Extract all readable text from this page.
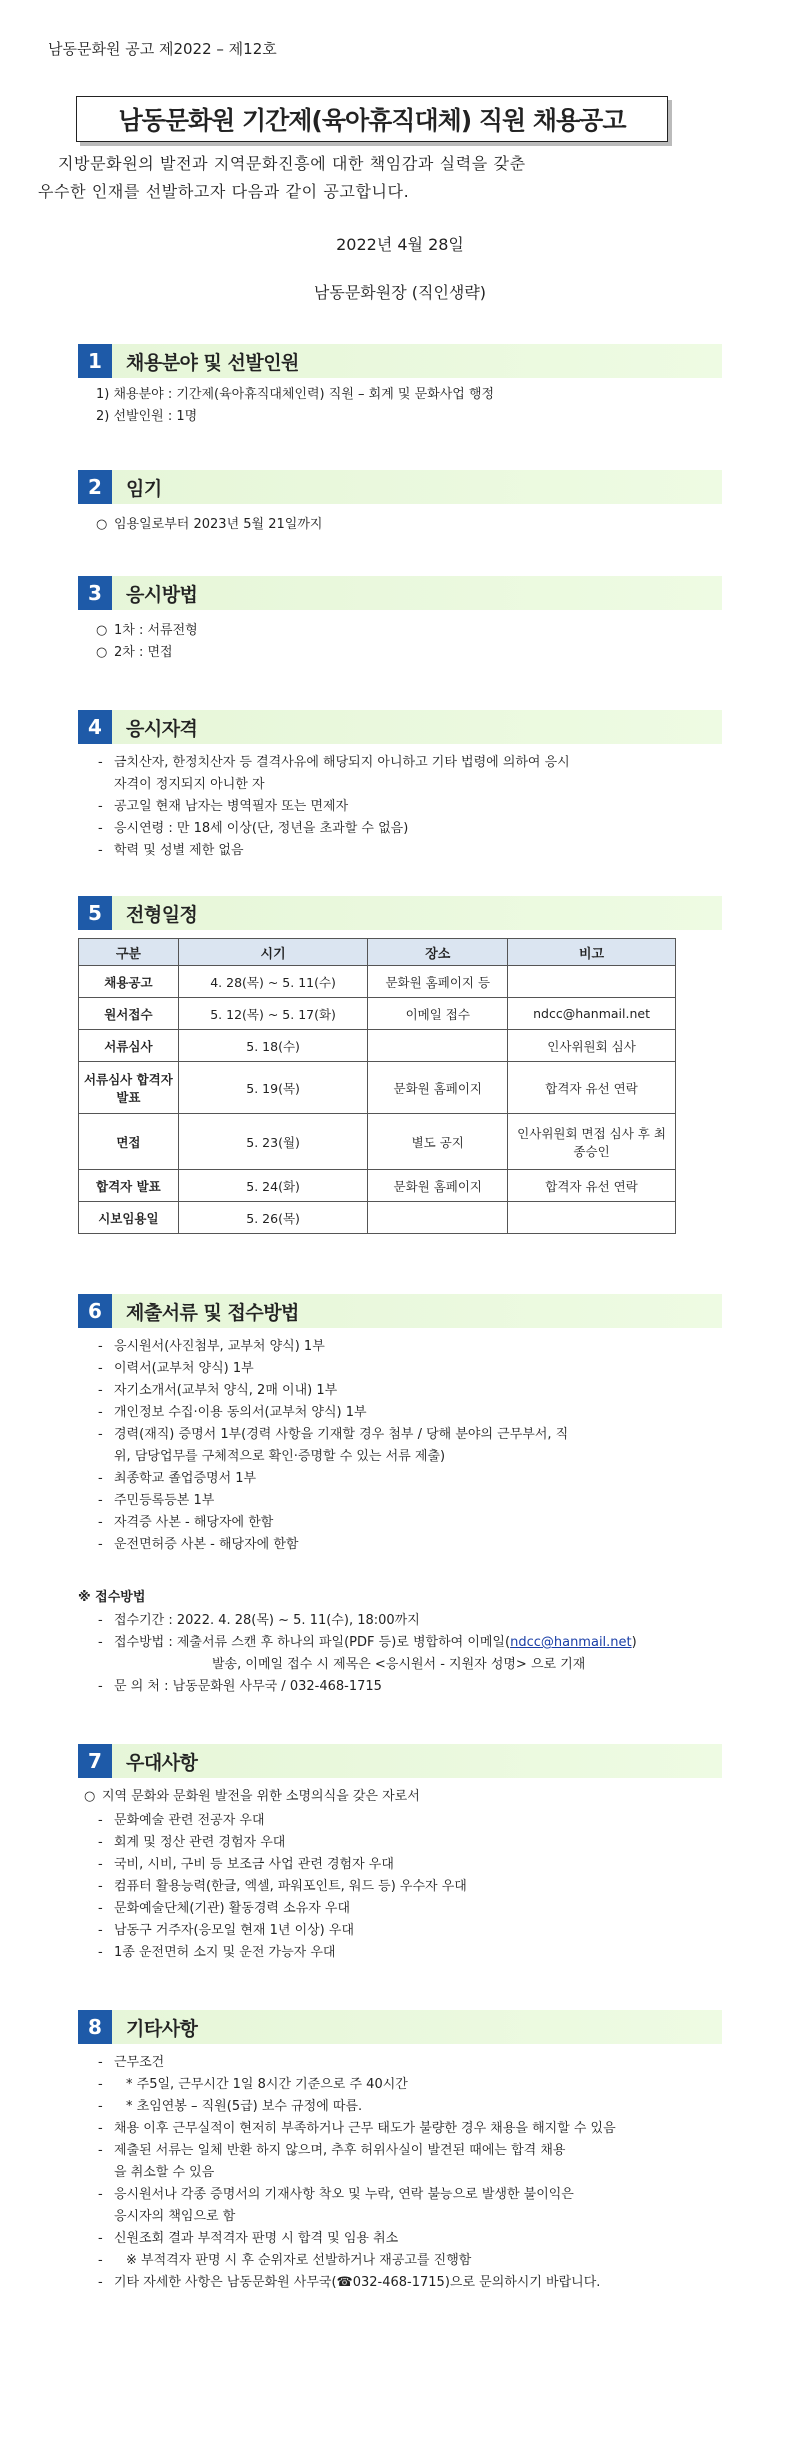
남동문화원 공고 제2022 – 제12호
남동문화원 기간제(육아휴직대체) 직원 채용공고

지방문화원의 발전과 지역문화진흥에 대한 책임감과 실력을 갖춘

우수한 인재를 선발하고자 다음과 같이 공고합니다.
2022년 4월 28일
남동문화원장 (직인생략)
1	채용분야 및 선발인원
1) 채용분야 : 기간제(육아휴직대체인력) 직원 – 회계 및 문화사업 행정
2) 선발인원 : 1명
2	임기
○ 임용일로부터 2023년 5월 21일까지
3	응시방법
○ 1차 : 서류전형
○ 2차 : 면접
4	응시자격
- 금치산자, 한정치산자 등 결격사유에 해당되지 아니하고 기타 법령에 의하여 응시
자격이 정지되지 아니한 자
- 공고일 현재 남자는 병역필자 또는 면제자
- 응시연령 : 만 18세 이상(단, 정년을 초과할 수 없음)
- 학력 및 성별 제한 없음
5	전형일정
구분	시기	장소	비고
채용공고	4. 28(목) ~ 5. 11(수)	문화원 홈페이지 등	
원서접수	5. 12(목) ~ 5. 17(화)	이메일 접수	ndcc@hanmail.net
서류심사	5. 18(수)		인사위원회 심사
서류심사 합격자 발표	5. 19(목)	문화원 홈페이지	합격자 유선 연락
면접	5. 23(월)	별도 공지	인사위원회 면접 심사 후 최종승인
합격자 발표	5. 24(화)	문화원 홈페이지	합격자 유선 연락
시보임용일	5. 26(목)		
6	제출서류 및 접수방법
- 응시원서(사진첨부, 교부처 양식) 1부
- 이력서(교부처 양식) 1부
- 자기소개서(교부처 양식, 2매 이내) 1부
- 개인정보 수집·이용 동의서(교부처 양식) 1부
- 경력(재직) 증명서 1부(경력 사항을 기재할 경우 첨부 / 당해 분야의 근무부서, 직
위, 담당업무를 구체적으로 확인·증명할 수 있는 서류 제출)
- 최종학교 졸업증명서 1부
- 주민등록등본 1부
- 자격증 사본 - 해당자에 한함
- 운전면허증 사본 - 해당자에 한함
※ 접수방법
- 접수기간 : 2022. 4. 28(목) ~ 5. 11(수), 18:00까지
- 접수방법 : 제출서류 스캔 후 하나의 파일(PDF 등)로 병합하여 이메일(ndcc@hanmail.net)
발송, 이메일 접수 시 제목은 <응시원서 - 지원자 성명> 으로 기재
- 문 의 처 : 남동문화원 사무국 / 032-468-1715
7	우대사항
○ 지역 문화와 문화원 발전을 위한 소명의식을 갖은 자로서
- 문화예술 관련 전공자 우대
- 회계 및 정산 관련 경험자 우대
- 국비, 시비, 구비 등 보조금 사업 관련 경험자 우대
- 컴퓨터 활용능력(한글, 엑셀, 파워포인트, 워드 등) 우수자 우대
- 문화예술단체(기관) 활동경력 소유자 우대
- 남동구 거주자(응모일 현재 1년 이상) 우대
- 1종 운전면허 소지 및 운전 가능자 우대
8	기타사항
- 근무조건
- * 주5일, 근무시간 1일 8시간 기준으로 주 40시간
- * 초임연봉 – 직원(5급) 보수 규정에 따름.
- 채용 이후 근무실적이 현저히 부족하거나 근무 태도가 불량한 경우 채용을 해지할 수 있음
- 제출된 서류는 일체 반환 하지 않으며, 추후 허위사실이 발견된 때에는 합격 채용
을 취소할 수 있음
- 응시원서나 각종 증명서의 기재사항 착오 및 누락, 연락 불능으로 발생한 불이익은
응시자의 책임으로 함
- 신원조회 결과 부적격자 판명 시 합격 및 임용 취소
- ※ 부적격자 판명 시 후 순위자로 선발하거나 재공고를 진행함
- 기타 자세한 사항은 남동문화원 사무국(☎032-468-1715)으로 문의하시기 바랍니다.
